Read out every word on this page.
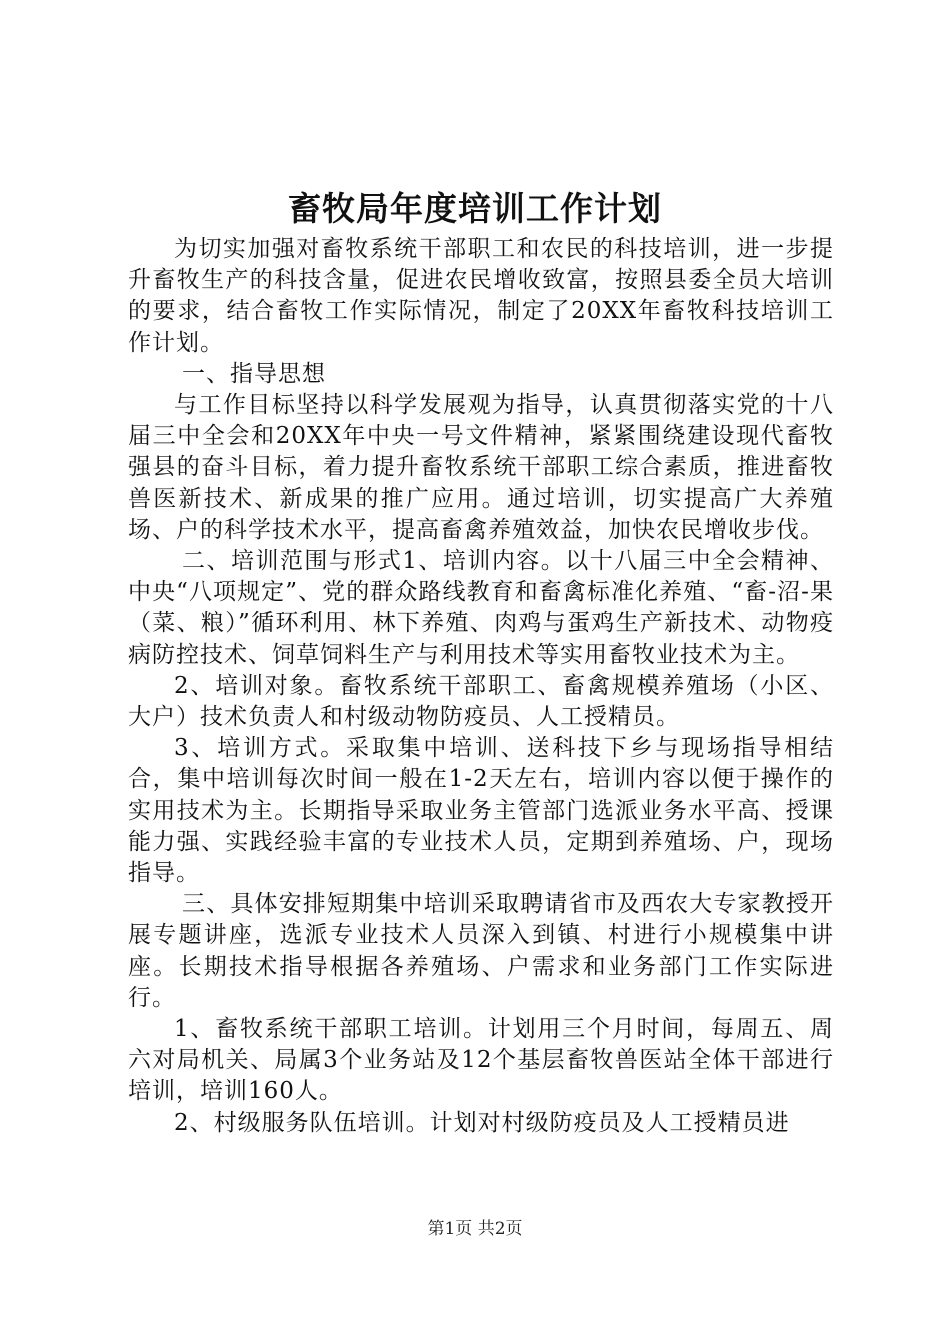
畜牧局年度培训工作计划

为切实加强对畜牧系统干部职工和农民的科技培训，进一步提升畜牧生产的科技含量，促进农民增收致富，按照县委全员大培训的要求，结合畜牧工作实际情况，制定了20XX年畜牧科技培训工作计划。

一、指导思想

与工作目标坚持以科学发展观为指导，认真贯彻落实党的十八届三中全会和20XX年中央一号文件精神，紧紧围绕建设现代畜牧强县的奋斗目标，着力提升畜牧系统干部职工综合素质，推进畜牧兽医新技术、新成果的推广应用。通过培训，切实提高广大养殖场、户的科学技术水平，提高畜禽养殖效益，加快农民增收步伐。

二、培训范围与形式1、培训内容。以十八届三中全会精神、中央“八项规定”、党的群众路线教育和畜禽标准化养殖、“畜-沼-果（菜、粮）”循环利用、林下养殖、肉鸡与蛋鸡生产新技术、动物疫病防控技术、饲草饲料生产与利用技术等实用畜牧业技术为主。

2、培训对象。畜牧系统干部职工、畜禽规模养殖场（小区、大户）技术负责人和村级动物防疫员、人工授精员。

3、培训方式。采取集中培训、送科技下乡与现场指导相结合，集中培训每次时间一般在1-2天左右，培训内容以便于操作的实用技术为主。长期指导采取业务主管部门选派业务水平高、授课能力强、实践经验丰富的专业技术人员，定期到养殖场、户，现场指导。

三、具体安排短期集中培训采取聘请省市及西农大专家教授开展专题讲座，选派专业技术人员深入到镇、村进行小规模集中讲座。长期技术指导根据各养殖场、户需求和业务部门工作实际进行。

1、畜牧系统干部职工培训。计划用三个月时间，每周五、周六对局机关、局属3个业务站及12个基层畜牧兽医站全体干部进行培训，培训160人。

2、村级服务队伍培训。计划对村级防疫员及人工授精员进

第1页 共2页
